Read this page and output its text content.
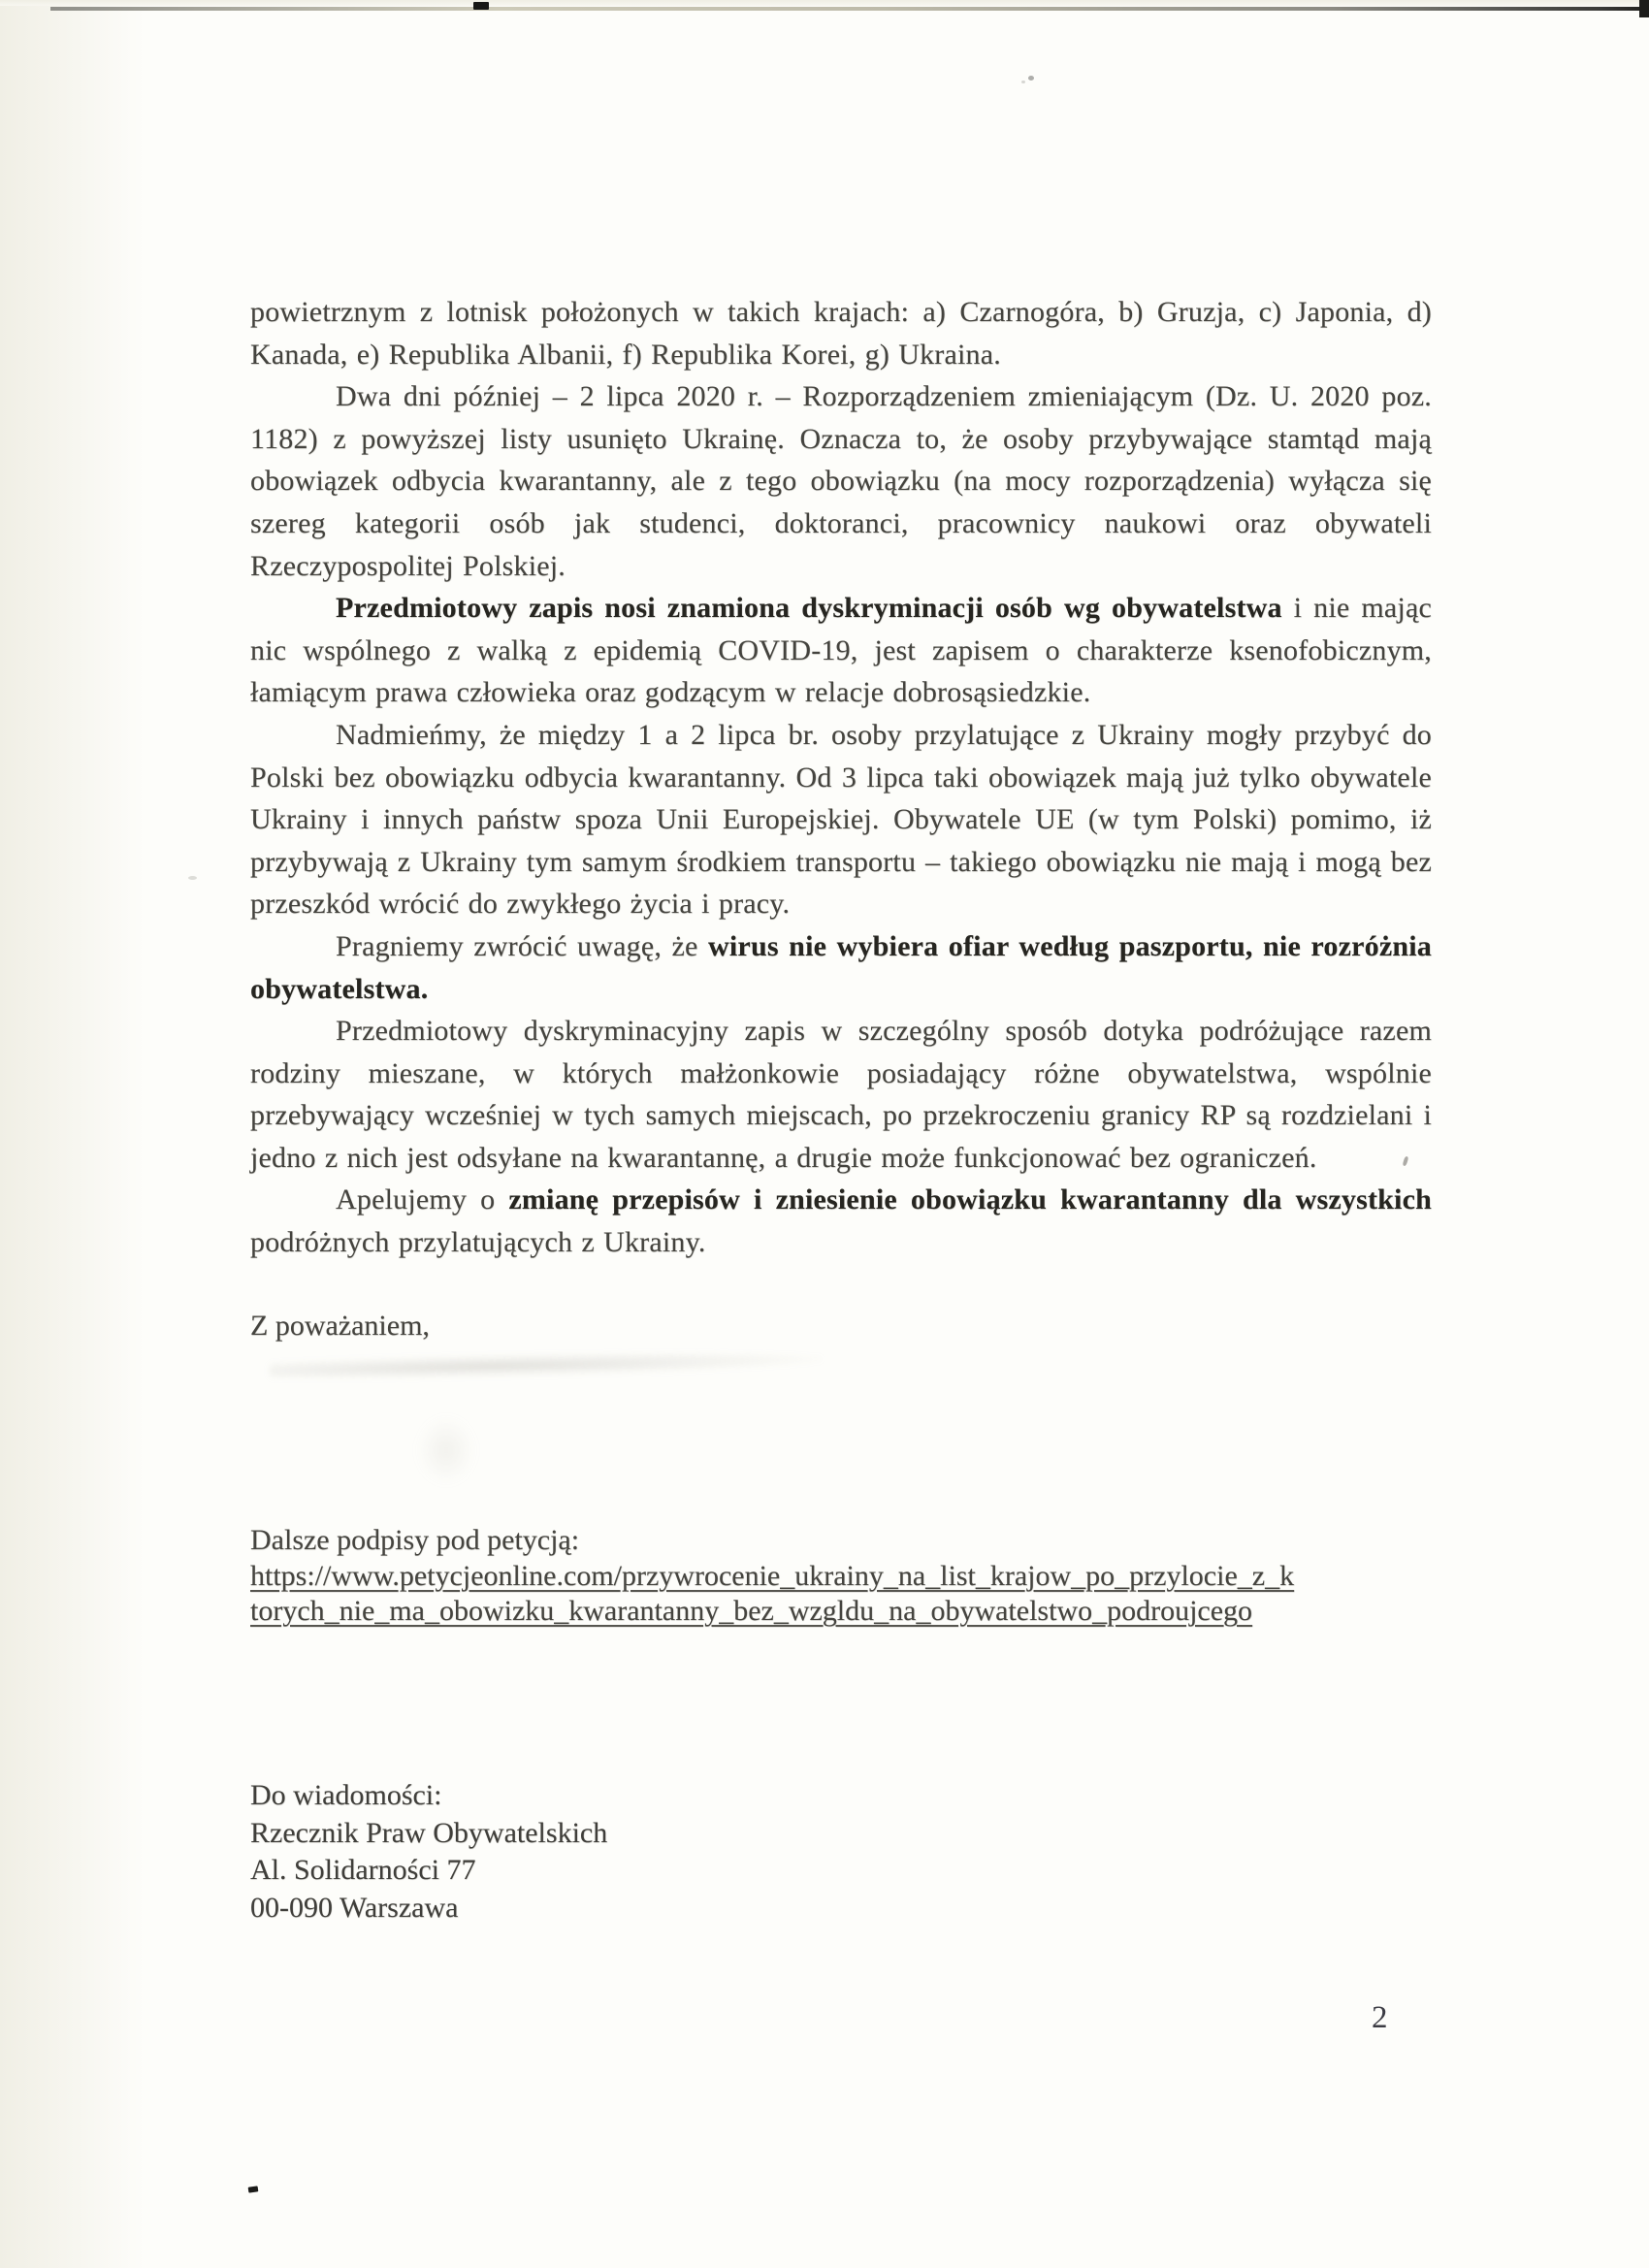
powietrznym z lotnisk położonych w takich krajach: a) Czarnogóra, b) Gruzja, c) Japonia, d) Kanada, e) Republika Albanii, f) Republika Korei, g) Ukraina.

Dwa dni później – 2 lipca 2020 r. – Rozporządzeniem zmieniającym (Dz. U. 2020 poz. 1182) z powyższej listy usunięto Ukrainę. Oznacza to, że osoby przybywające stamtąd mają obowiązek odbycia kwarantanny, ale z tego obowiązku (na mocy rozporządzenia) wyłącza się szereg kategorii osób jak studenci, doktoranci, pracownicy naukowi oraz obywateli Rzeczypospolitej Polskiej.

Przedmiotowy zapis nosi znamiona dyskryminacji osób wg obywatelstwa i nie mając nic wspólnego z walką z epidemią COVID-19, jest zapisem o charakterze ksenofobicznym, łamiącym prawa człowieka oraz godzącym w relacje dobrosąsiedzkie.

Nadmieńmy, że między 1 a 2 lipca br. osoby przylatujące z Ukrainy mogły przybyć do Polski bez obowiązku odbycia kwarantanny. Od 3 lipca taki obowiązek mają już tylko obywatele Ukrainy i innych państw spoza Unii Europejskiej. Obywatele UE (w tym Polski) pomimo, iż przybywają z Ukrainy tym samym środkiem transportu – takiego obowiązku nie mają i mogą bez przeszkód wrócić do zwykłego życia i pracy.

Pragniemy zwrócić uwagę, że wirus nie wybiera ofiar według paszportu, nie rozróżnia obywatelstwa.

Przedmiotowy dyskryminacyjny zapis w szczególny sposób dotyka podróżujące razem rodziny mieszane, w których małżonkowie posiadający różne obywatelstwa, wspólnie przebywający wcześniej w tych samych miejscach, po przekroczeniu granicy RP są rozdzielani i jedno z nich jest odsyłane na kwarantannę, a drugie może funkcjonować bez ograniczeń.

Apelujemy o zmianę przepisów i zniesienie obowiązku kwarantanny dla wszystkich podróżnych przylatujących z Ukrainy.

Z poważaniem,
Dalsze podpisy pod petycją:
https://www.petycjeonline.com/przywrocenie_ukrainy_na_list_krajow_po_przylocie_z_k
torych_nie_ma_obowizku_kwarantanny_bez_wzgldu_na_obywatelstwo_podroujcego
Do wiadomości:
Rzecznik Praw Obywatelskich
Al. Solidarności 77
00-090 Warszawa
2
